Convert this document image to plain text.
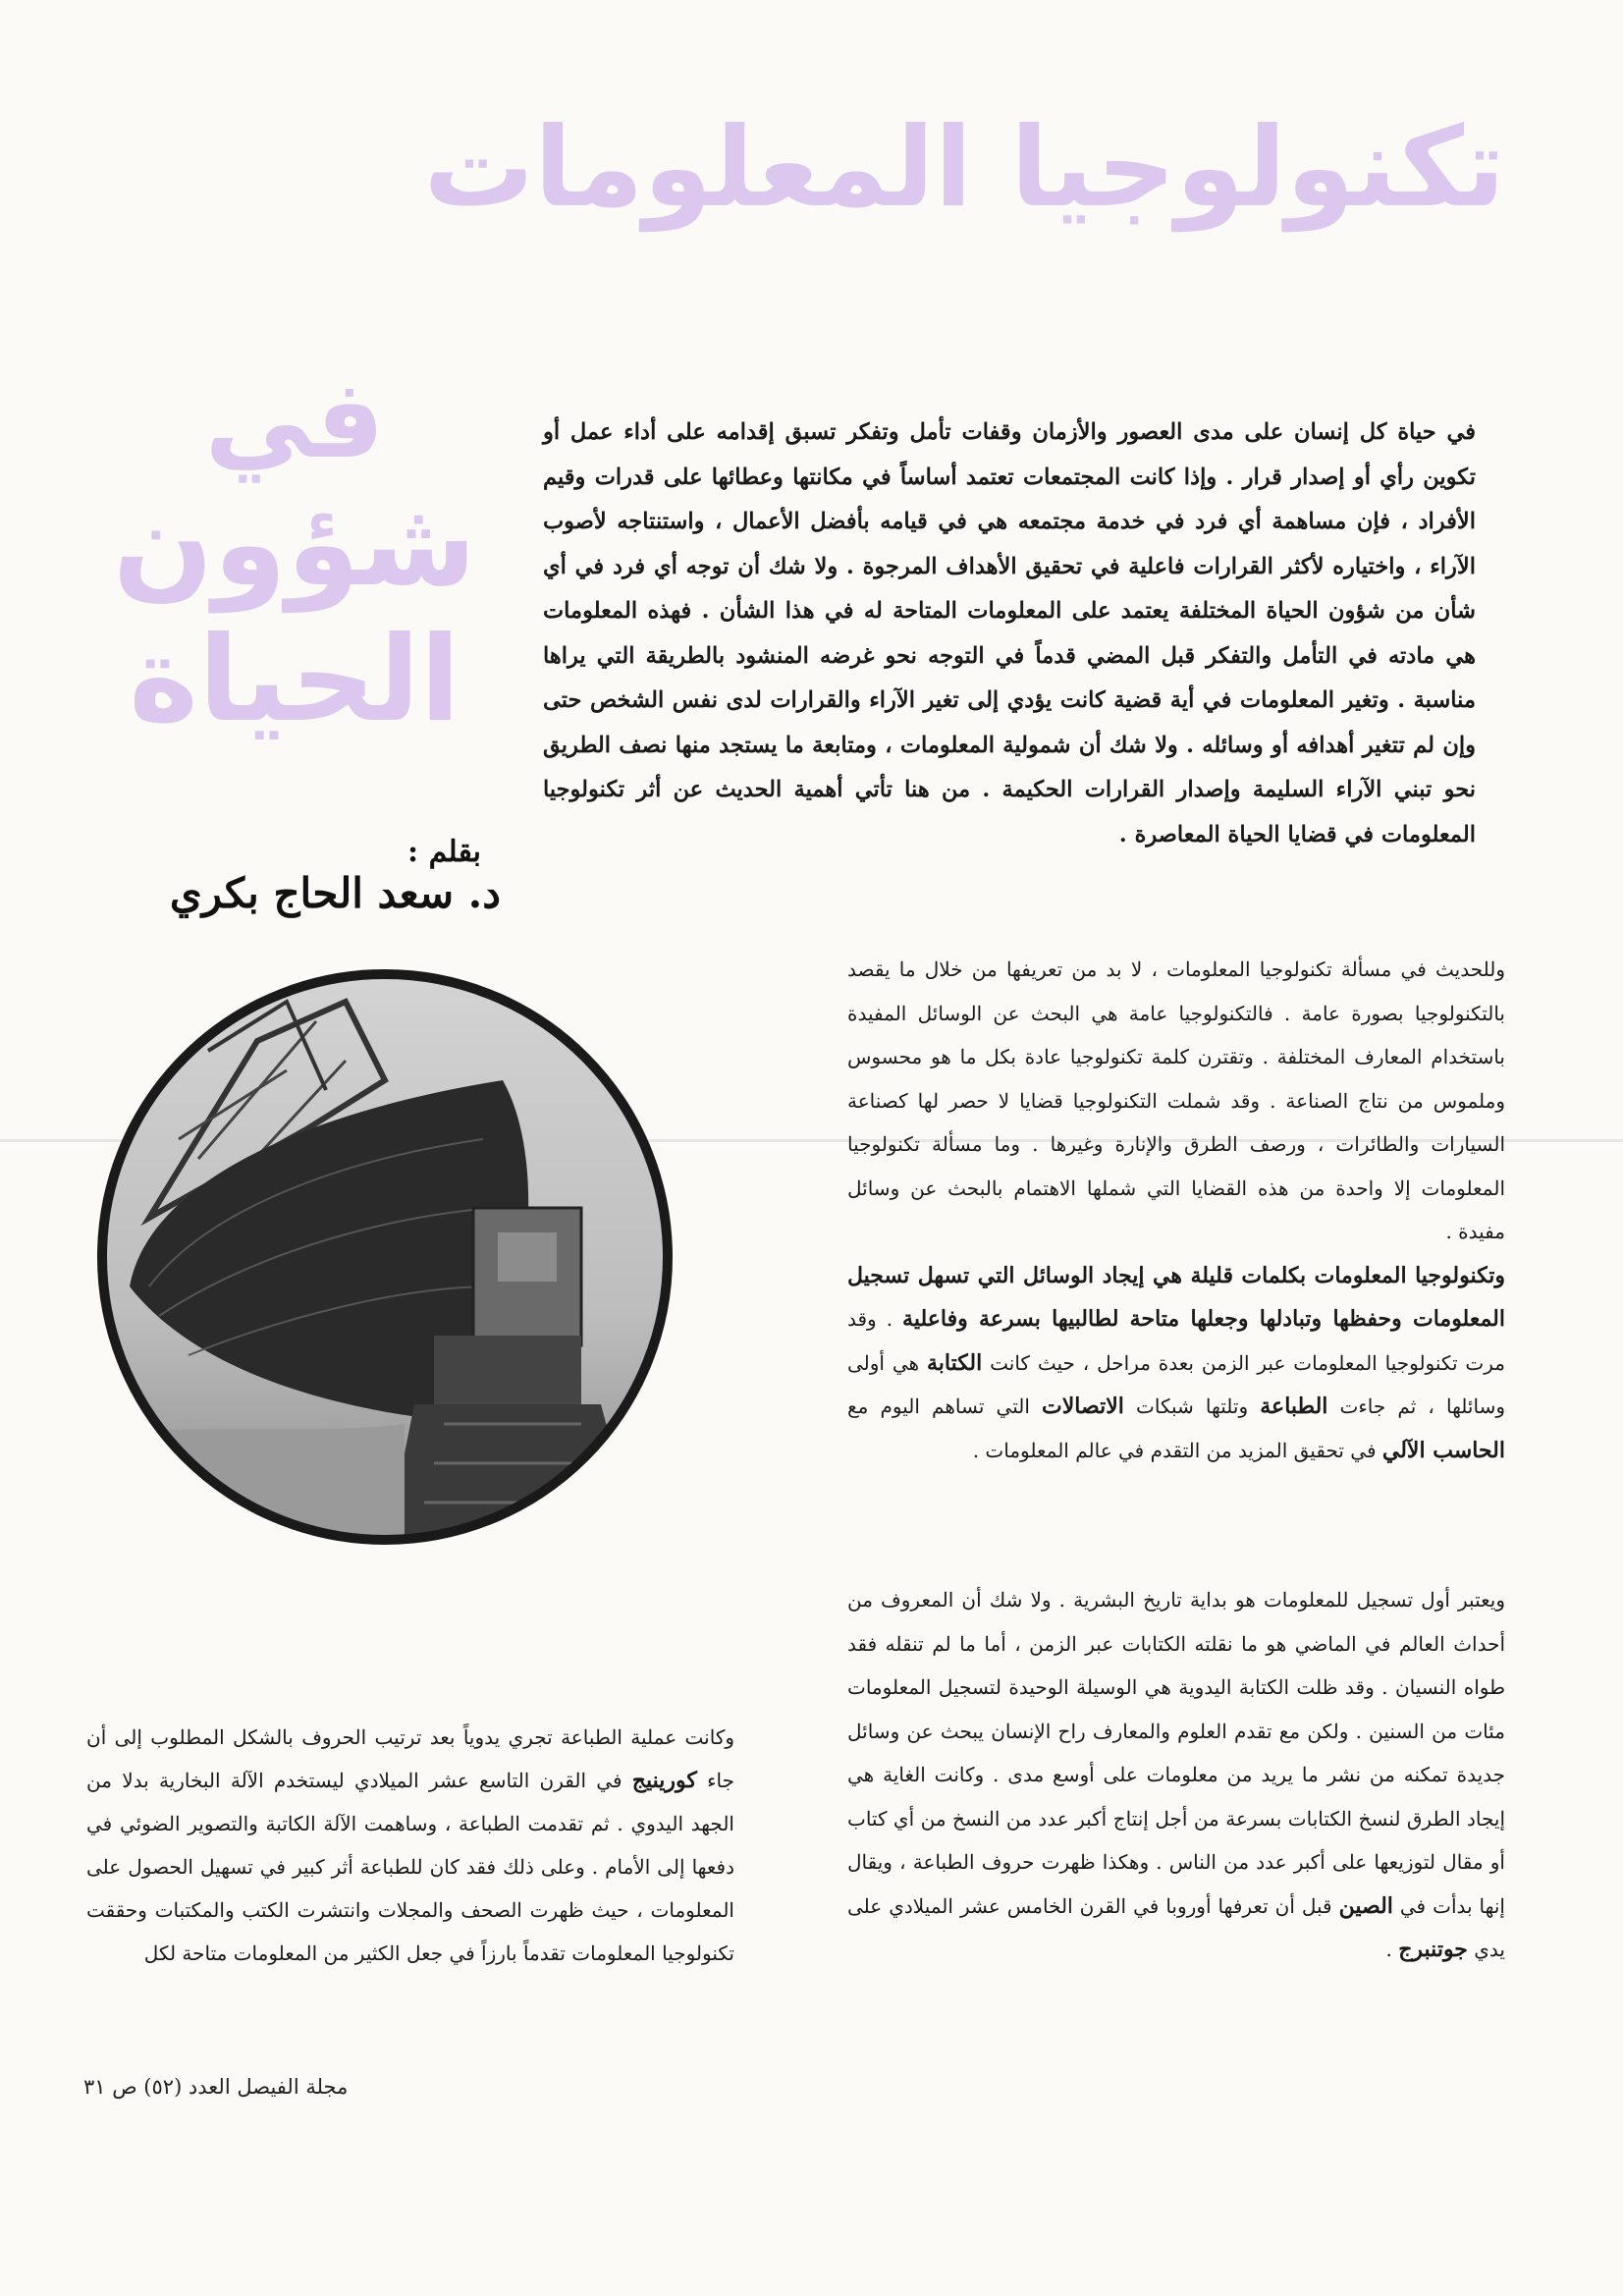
تكنولوجيا المعلومات
في
شؤون
الحياة
بقلم :
د. سعد الحاج بكري

في حياة كل إنسان على مدى العصور والأزمان وقفات تأمل وتفكر تسبق إقدامه على أداء عمل أو تكوين رأي أو إصدار قرار . وإذا كانت المجتمعات تعتمد أساساً في مكانتها وعطائها على قدرات وقيم الأفراد ، فإن مساهمة أي فرد في خدمة مجتمعه هي في قيامه بأفضل الأعمال ، واستنتاجه لأصوب الآراء ، واختياره لأكثر القرارات فاعلية في تحقيق الأهداف المرجوة . ولا شك أن توجه أي فرد في أي شأن من شؤون الحياة المختلفة يعتمد على المعلومات المتاحة له في هذا الشأن . فهذه المعلومات هي مادته في التأمل والتفكر قبل المضي قدماً في التوجه نحو غرضه المنشود بالطريقة التي يراها مناسبة . وتغير المعلومات في أية قضية كانت يؤدي إلى تغير الآراء والقرارات لدى نفس الشخص حتى وإن لم تتغير أهدافه أو وسائله . ولا شك أن شمولية المعلومات ، ومتابعة ما يستجد منها نصف الطريق نحو تبني الآراء السليمة وإصدار القرارات الحكيمة . من هنا تأتي أهمية الحديث عن أثر تكنولوجيا المعلومات في قضايا الحياة المعاصرة .

وللحديث في مسألة تكنولوجيا المعلومات ، لا بد من تعريفها من خلال ما يقصد بالتكنولوجيا بصورة عامة . فالتكنولوجيا عامة هي البحث عن الوسائل المفيدة باستخدام المعارف المختلفة . وتقترن كلمة تكنولوجيا عادة بكل ما هو محسوس وملموس من نتاج الصناعة . وقد شملت التكنولوجيا قضايا لا حصر لها كصناعة السيارات والطائرات ، ورصف الطرق والإنارة وغيرها . وما مسألة تكنولوجيا المعلومات إلا واحدة من هذه القضايا التي شملها الاهتمام بالبحث عن وسائل مفيدة .

وتكنولوجيا المعلومات بكلمات قليلة هي إيجاد الوسائل التي تسهل تسجيل المعلومات وحفظها وتبادلها وجعلها متاحة لطالبيها بسرعة وفاعلية . وقد مرت تكنولوجيا المعلومات عبر الزمن بعدة مراحل ، حيث كانت الكتابة هي أولى وسائلها ، ثم جاءت الطباعة وتلتها شبكات الاتصالات التي تساهم اليوم مع الحاسب الآلي في تحقيق المزيد من التقدم في عالم المعلومات .

ويعتبر أول تسجيل للمعلومات هو بداية تاريخ البشرية . ولا شك أن المعروف من أحداث العالم في الماضي هو ما نقلته الكتابات عبر الزمن ، أما ما لم تنقله فقد طواه النسيان . وقد ظلت الكتابة اليدوية هي الوسيلة الوحيدة لتسجيل المعلومات مئات من السنين . ولكن مع تقدم العلوم والمعارف راح الإنسان يبحث عن وسائل جديدة تمكنه من نشر ما يريد من معلومات على أوسع مدى . وكانت الغاية هي إيجاد الطرق لنسخ الكتابات بسرعة من أجل إنتاج أكبر عدد من النسخ من أي كتاب أو مقال لتوزيعها على أكبر عدد من الناس . وهكذا ظهرت حروف الطباعة ، ويقال إنها بدأت في الصين قبل أن تعرفها أوروبا في القرن الخامس عشر الميلادي على يدي جوتنبرج .

وكانت عملية الطباعة تجري يدوياً بعد ترتيب الحروف بالشكل المطلوب إلى أن جاء كورينيج في القرن التاسع عشر الميلادي ليستخدم الآلة البخارية بدلا من الجهد اليدوي . ثم تقدمت الطباعة ، وساهمت الآلة الكاتبة والتصوير الضوئي في دفعها إلى الأمام . وعلى ذلك فقد كان للطباعة أثر كبير في تسهيل الحصول على المعلومات ، حيث ظهرت الصحف والمجلات وانتشرت الكتب والمكتبات وحققت تكنولوجيا المعلومات تقدماً بارزاً في جعل الكثير من المعلومات متاحة لكل

مجلة الفيصل العدد (٥٢) ص ٣١
